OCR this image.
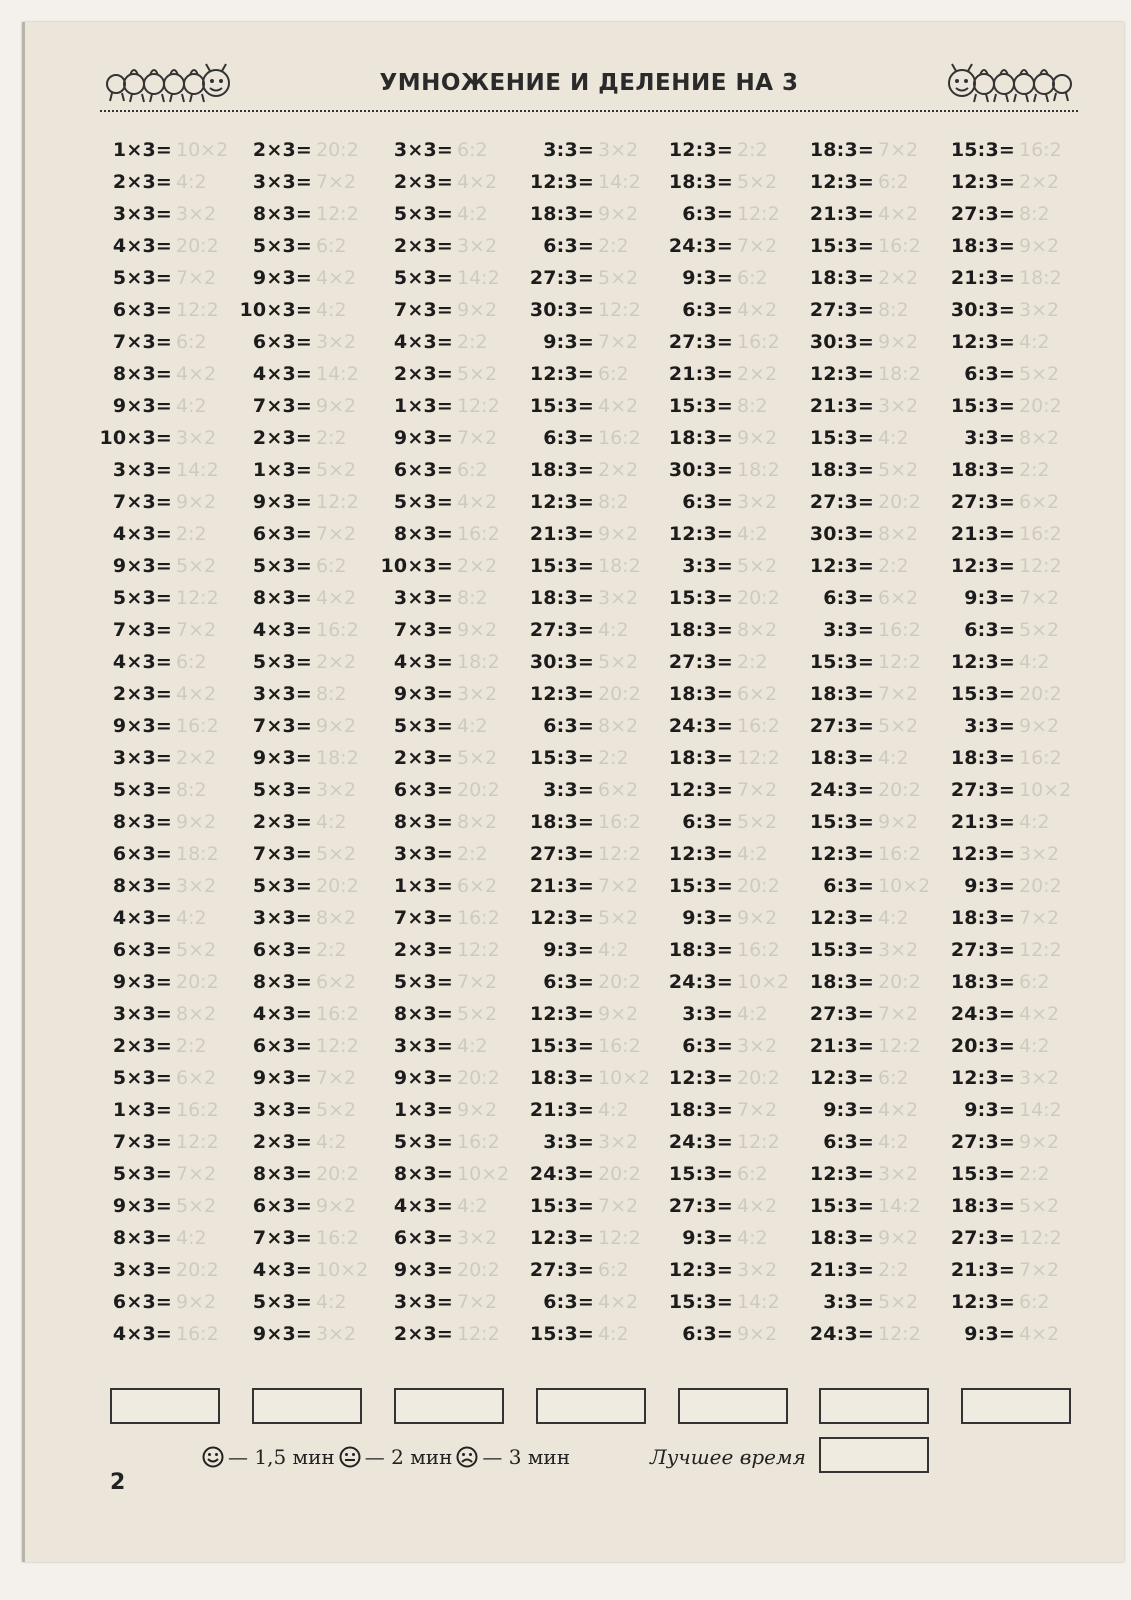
УМНОЖЕНИЕ И ДЕЛЕНИЕ НА 3
1×3=
2×3=
3×3=
4×3=
5×3=
6×3=
7×3=
8×3=
9×3=
10×3=
3×3=
7×3=
4×3=
9×3=
5×3=
7×3=
4×3=
2×3=
9×3=
3×3=
5×3=
8×3=
6×3=
8×3=
4×3=
6×3=
9×3=
3×3=
2×3=
5×3=
1×3=
7×3=
5×3=
9×3=
8×3=
3×3=
6×3=
4×3=
2×3=
3×3=
8×3=
5×3=
9×3=
10×3=
6×3=
4×3=
7×3=
2×3=
1×3=
9×3=
6×3=
5×3=
8×3=
4×3=
5×3=
3×3=
7×3=
9×3=
5×3=
2×3=
7×3=
5×3=
3×3=
6×3=
8×3=
4×3=
6×3=
9×3=
3×3=
2×3=
8×3=
6×3=
7×3=
4×3=
5×3=
9×3=
3×3=
2×3=
5×3=
2×3=
5×3=
7×3=
4×3=
2×3=
1×3=
9×3=
6×3=
5×3=
8×3=
10×3=
3×3=
7×3=
4×3=
9×3=
5×3=
2×3=
6×3=
8×3=
3×3=
1×3=
7×3=
2×3=
5×3=
8×3=
3×3=
9×3=
1×3=
5×3=
8×3=
4×3=
6×3=
9×3=
3×3=
2×3=
3:3=
12:3=
18:3=
6:3=
27:3=
30:3=
9:3=
12:3=
15:3=
6:3=
18:3=
12:3=
21:3=
15:3=
18:3=
27:3=
30:3=
12:3=
6:3=
15:3=
3:3=
18:3=
27:3=
21:3=
12:3=
9:3=
6:3=
12:3=
15:3=
18:3=
21:3=
3:3=
24:3=
15:3=
12:3=
27:3=
6:3=
15:3=
12:3=
18:3=
6:3=
24:3=
9:3=
6:3=
27:3=
21:3=
15:3=
18:3=
30:3=
6:3=
12:3=
3:3=
15:3=
18:3=
27:3=
18:3=
24:3=
18:3=
12:3=
6:3=
12:3=
15:3=
9:3=
18:3=
24:3=
3:3=
6:3=
12:3=
18:3=
24:3=
15:3=
27:3=
9:3=
12:3=
15:3=
6:3=
18:3=
12:3=
21:3=
15:3=
18:3=
27:3=
30:3=
12:3=
21:3=
15:3=
18:3=
27:3=
30:3=
12:3=
6:3=
3:3=
15:3=
18:3=
27:3=
18:3=
24:3=
15:3=
12:3=
6:3=
12:3=
15:3=
18:3=
27:3=
21:3=
12:3=
9:3=
6:3=
12:3=
15:3=
18:3=
21:3=
3:3=
24:3=
15:3=
12:3=
27:3=
18:3=
21:3=
30:3=
12:3=
6:3=
15:3=
3:3=
18:3=
27:3=
21:3=
12:3=
9:3=
6:3=
12:3=
15:3=
3:3=
18:3=
27:3=
21:3=
12:3=
9:3=
18:3=
27:3=
18:3=
24:3=
20:3=
12:3=
9:3=
27:3=
15:3=
18:3=
27:3=
21:3=
12:3=
9:3=
— 1,5 мин — 2 мин — 3 мин	Лучшее время
2
